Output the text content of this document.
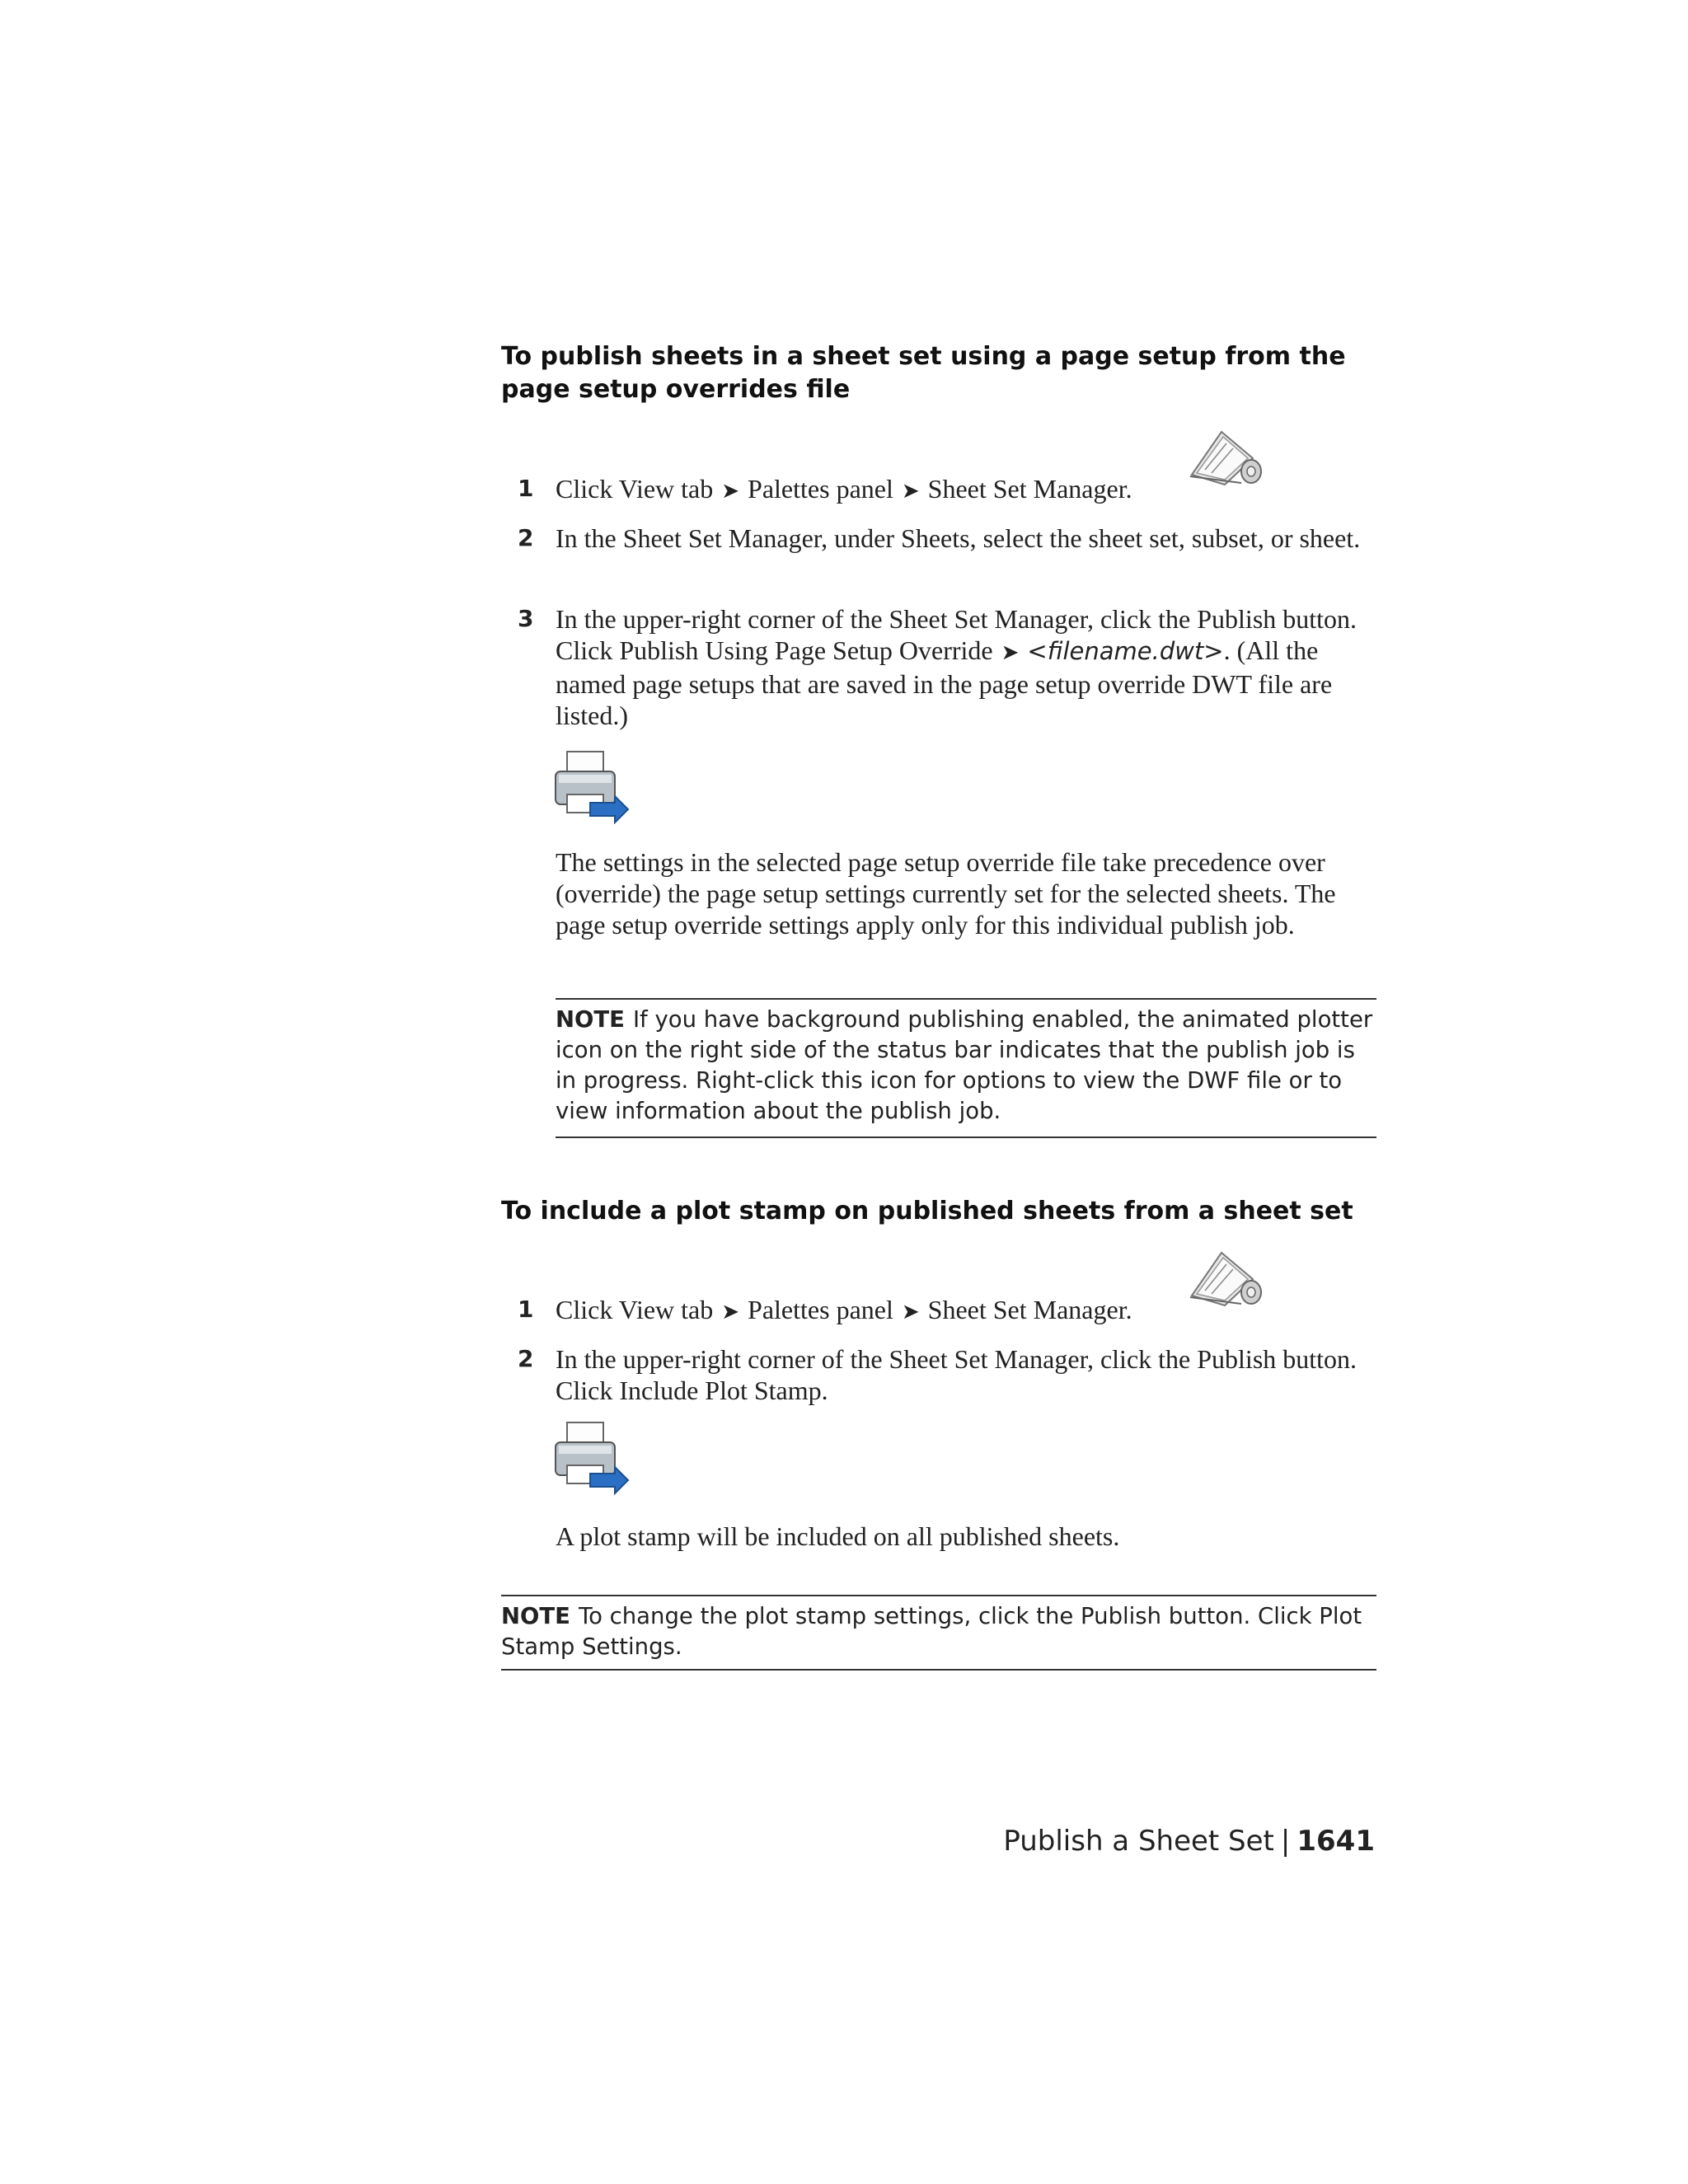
To publish sheets in a sheet set using a page setup from the page setup overrides file
1 Click View tab ➤ Palettes panel ➤ Sheet Set Manager.
2 In the Sheet Set Manager, under Sheets, select the sheet set, subset, or sheet.
3 In the upper-right corner of the Sheet Set Manager, click the Publish button. Click Publish Using Page Setup Override ➤ <filename.dwt>. (All the named page setups that are saved in the page setup override DWT file are listed.)
The settings in the selected page setup override file take precedence over (override) the page setup settings currently set for the selected sheets. The page setup override settings apply only for this individual publish job.
NOTE If you have background publishing enabled, the animated plotter icon on the right side of the status bar indicates that the publish job is in progress. Right-click this icon for options to view the DWF file or to view information about the publish job.
To include a plot stamp on published sheets from a sheet set
1 Click View tab ➤ Palettes panel ➤ Sheet Set Manager.
2 In the upper-right corner of the Sheet Set Manager, click the Publish button. Click Include Plot Stamp.
A plot stamp will be included on all published sheets.
NOTE To change the plot stamp settings, click the Publish button. Click Plot Stamp Settings.
Publish a Sheet Set | 1641
